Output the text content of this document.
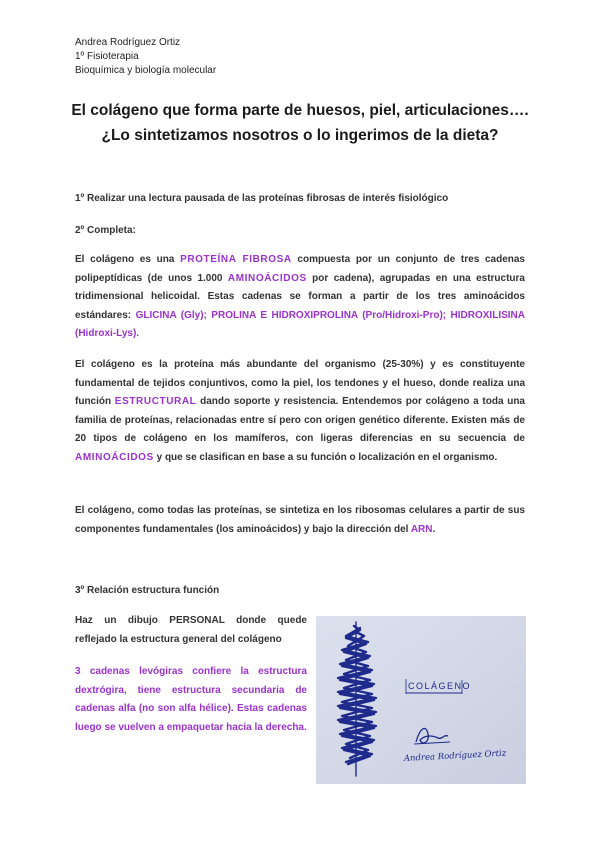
Andrea Rodríguez Ortiz
1º Fisioterapia
Bioquímica y biología molecular
El colágeno que forma parte de huesos, piel, articulaciones…. ¿Lo sintetizamos nosotros o lo ingerimos de la dieta?
1º Realizar una lectura pausada de las proteínas fibrosas de interés fisiológico
2º Completa:
El colágeno es una PROTEÍNA FIBROSA compuesta por un conjunto de tres cadenas polipeptídicas (de unos 1.000 AMINOÁCIDOS por cadena), agrupadas en una estructura tridimensional helicoidal. Estas cadenas se forman a partir de los tres aminoácidos estándares: GLICINA (Gly); PROLINA E HIDROXIPROLINA (Pro/Hidroxi-Pro); HIDROXILISINA (Hidroxi-Lys).
El colágeno es la proteína más abundante del organismo (25-30%) y es constituyente fundamental de tejidos conjuntivos, como la piel, los tendones y el hueso, donde realiza una función ESTRUCTURAL dando soporte y resistencia. Entendemos por colágeno a toda una familia de proteínas, relacionadas entre sí pero con origen genético diferente. Existen más de 20 tipos de colágeno en los mamíferos, con ligeras diferencias en su secuencia de AMINOÁCIDOS y que se clasifican en base a su función o localización en el organismo.
El colágeno, como todas las proteínas, se sintetiza en los ribosomas celulares a partir de sus componentes fundamentales (los aminoácidos) y bajo la dirección del ARN.
3º Relación estructura función
Haz un dibujo PERSONAL donde quede reflejado la estructura general del colágeno
3 cadenas levógiras confiere la estructura dextrógira, tiene estructura secundaria de cadenas alfa (no son alfa hélice). Estas cadenas luego se vuelven a empaquetar hacia la derecha.
COLÁGENO
Andrea Rodríguez Ortiz
